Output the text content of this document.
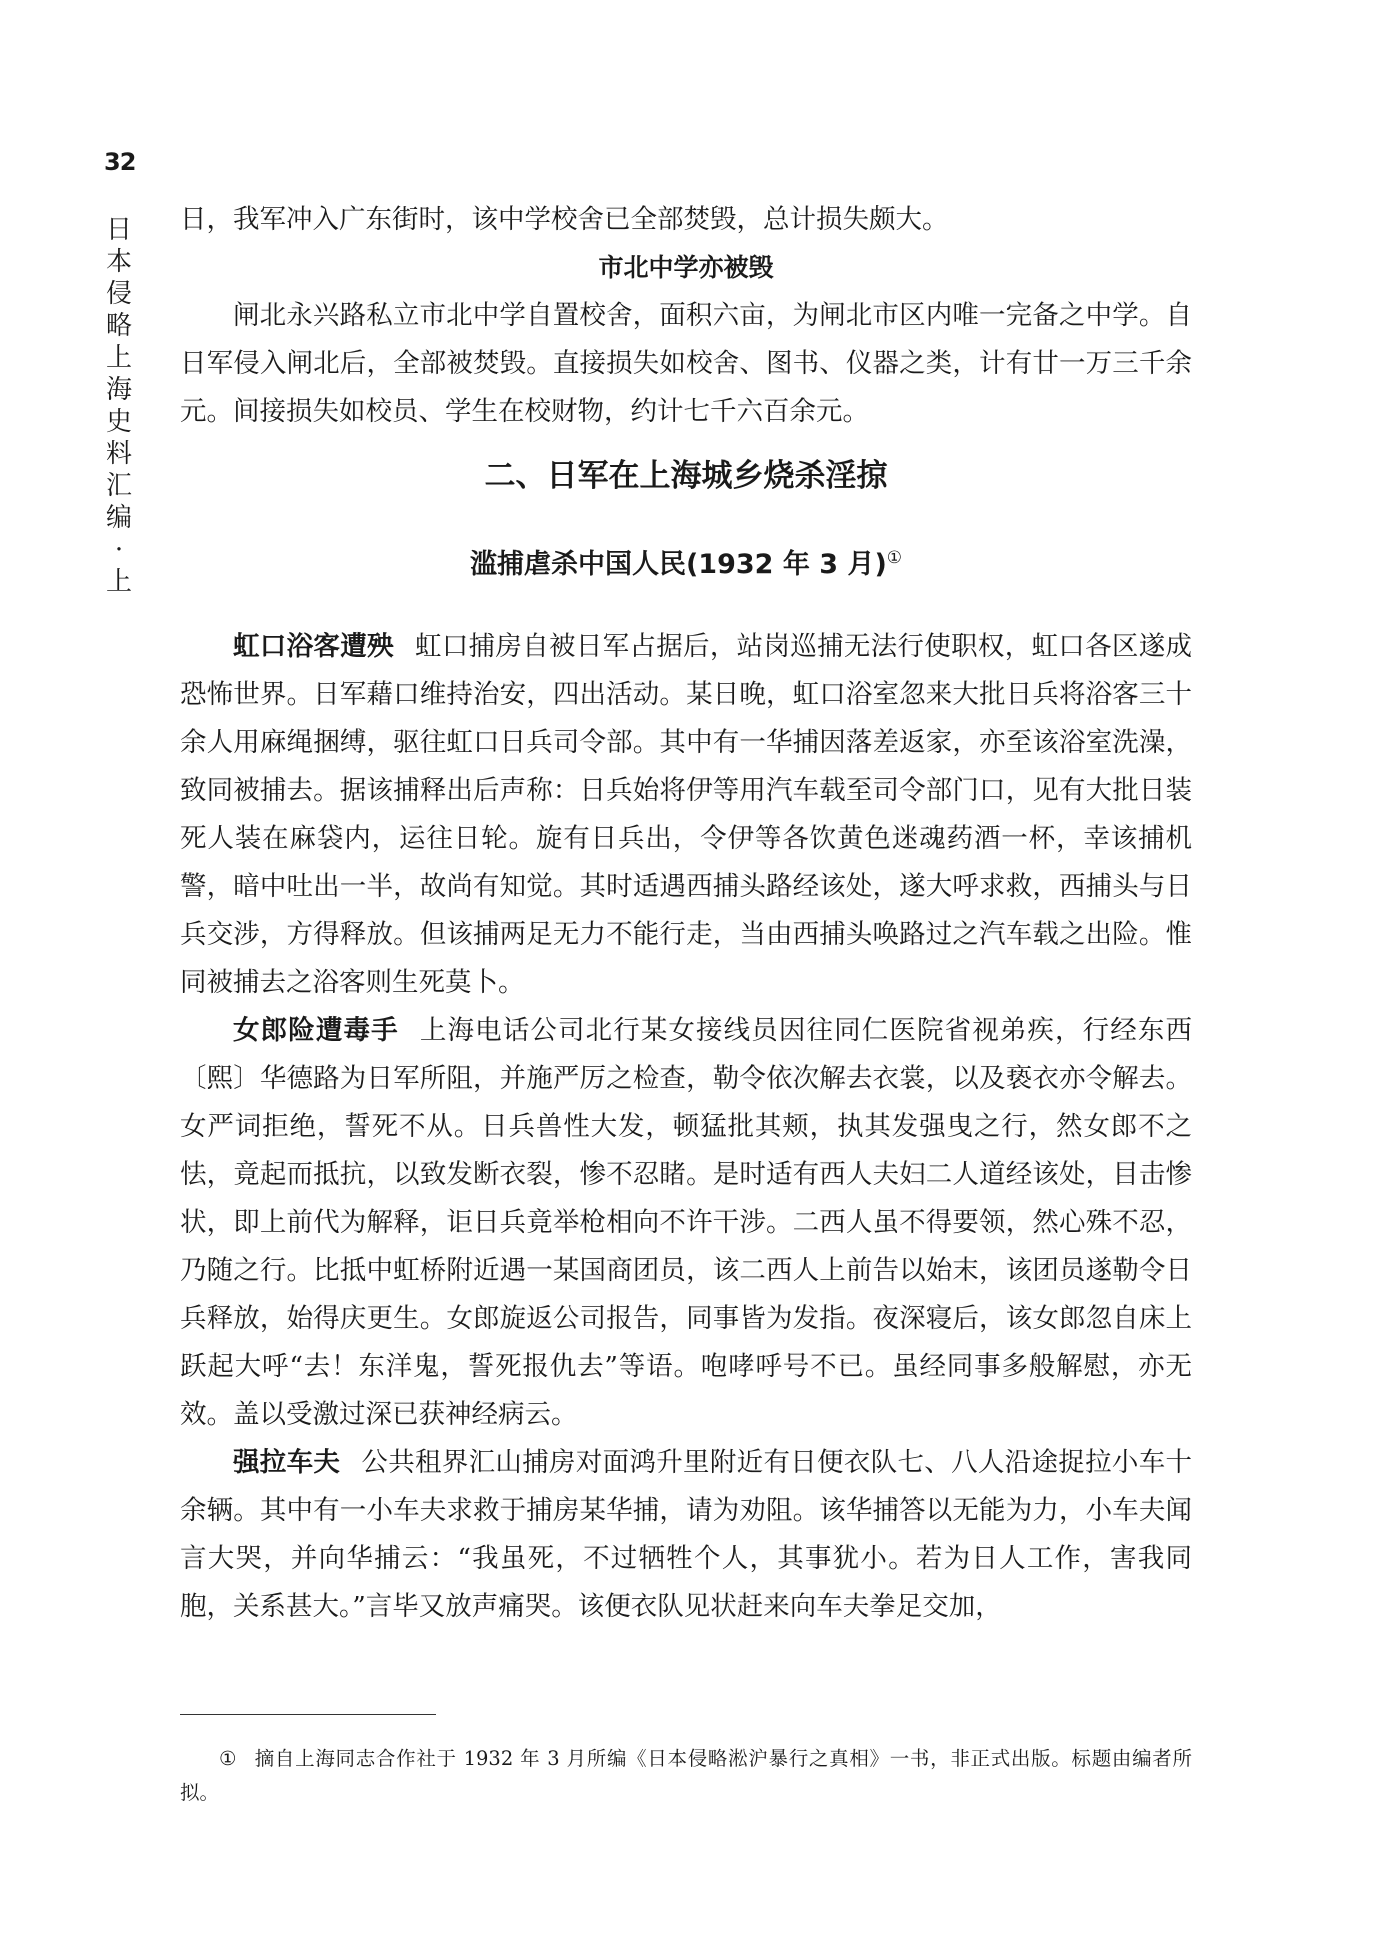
32
日本侵略上海史料汇编·上

日，我军冲入广东街时，该中学校舍已全部焚毁，总计损失颇大。

市北中学亦被毁

闸北永兴路私立市北中学自置校舍，面积六亩，为闸北市区内唯一完备之中学。自日军侵入闸北后，全部被焚毁。直接损失如校舍、图书、仪器之类，计有廿一万三千余元。间接损失如校员、学生在校财物，约计七千六百余元。

二、日军在上海城乡烧杀淫掠
滥捕虐杀中国人民(1932 年 3 月)①

虹口浴客遭殃 虹口捕房自被日军占据后，站岗巡捕无法行使职权，虹口各区遂成恐怖世界。日军藉口维持治安，四出活动。某日晚，虹口浴室忽来大批日兵将浴客三十余人用麻绳捆缚，驱往虹口日兵司令部。其中有一华捕因落差返家，亦至该浴室洗澡，致同被捕去。据该捕释出后声称：日兵始将伊等用汽车载至司令部门口，见有大批日装死人装在麻袋内，运往日轮。旋有日兵出，令伊等各饮黄色迷魂药酒一杯，幸该捕机警，暗中吐出一半，故尚有知觉。其时适遇西捕头路经该处，遂大呼求救，西捕头与日兵交涉，方得释放。但该捕两足无力不能行走，当由西捕头唤路过之汽车载之出险。惟同被捕去之浴客则生死莫卜。

女郎险遭毒手 上海电话公司北行某女接线员因往同仁医院省视弟疾，行经东西〔熙〕华德路为日军所阻，并施严厉之检查，勒令依次解去衣裳，以及亵衣亦令解去。女严词拒绝，誓死不从。日兵兽性大发，顿猛批其颊，执其发强曳之行，然女郎不之怯，竟起而抵抗，以致发断衣裂，惨不忍睹。是时适有西人夫妇二人道经该处，目击惨状，即上前代为解释，讵日兵竟举枪相向不许干涉。二西人虽不得要领，然心殊不忍，乃随之行。比抵中虹桥附近遇一某国商团员，该二西人上前告以始末，该团员遂勒令日兵释放，始得庆更生。女郎旋返公司报告，同事皆为发指。夜深寝后，该女郎忽自床上跃起大呼“去！东洋鬼，誓死报仇去”等语。咆哮呼号不已。虽经同事多般解慰，亦无效。盖以受激过深已获神经病云。

强拉车夫 公共租界汇山捕房对面鸿升里附近有日便衣队七、八人沿途捉拉小车十余辆。其中有一小车夫求救于捕房某华捕，请为劝阻。该华捕答以无能为力，小车夫闻言大哭，并向华捕云：“我虽死，不过牺牲个人，其事犹小。若为日人工作，害我同胞，关系甚大。”言毕又放声痛哭。该便衣队见状赶来向车夫拳足交加，

① 摘自上海同志合作社于 1932 年 3 月所编《日本侵略淞沪暴行之真相》一书，非正式出版。标题由编者所拟。
